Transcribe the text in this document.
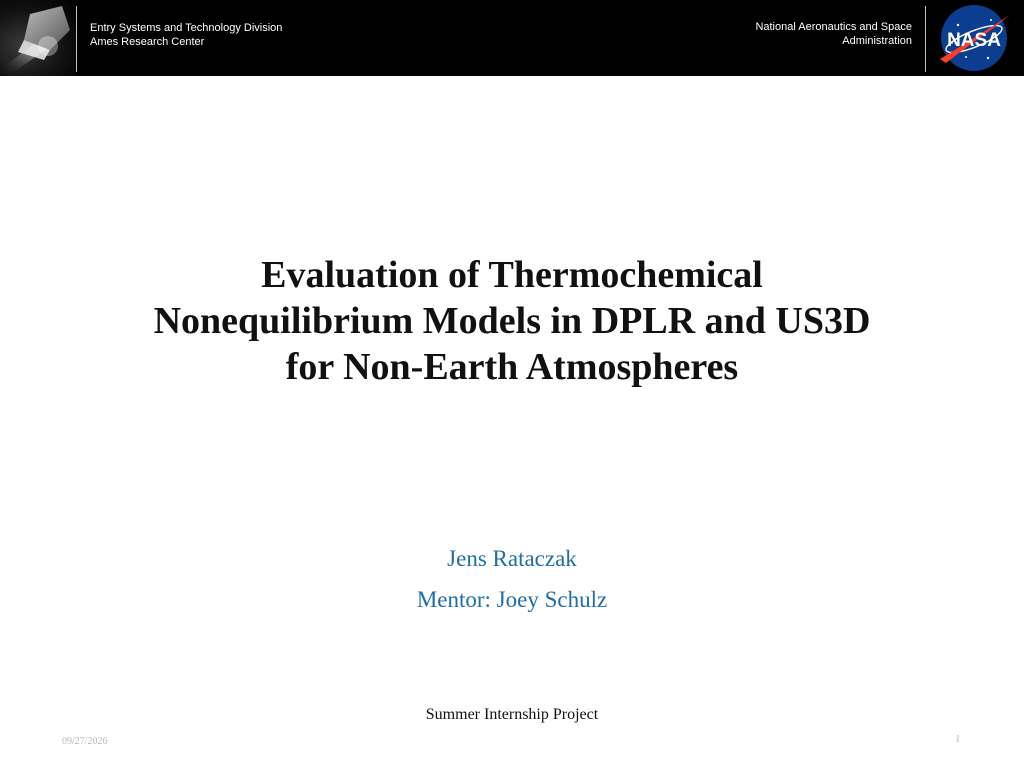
Entry Systems and Technology Division
Ames Research Center
National Aeronautics and Space
Administration NASA
Evaluation of Thermochemical
Nonequilibrium Models in DPLR and US3D
for Non-Earth Atmospheres
Jens Rataczak
Mentor: Joey Schulz
Summer Internship Project
09/27/2026	1
